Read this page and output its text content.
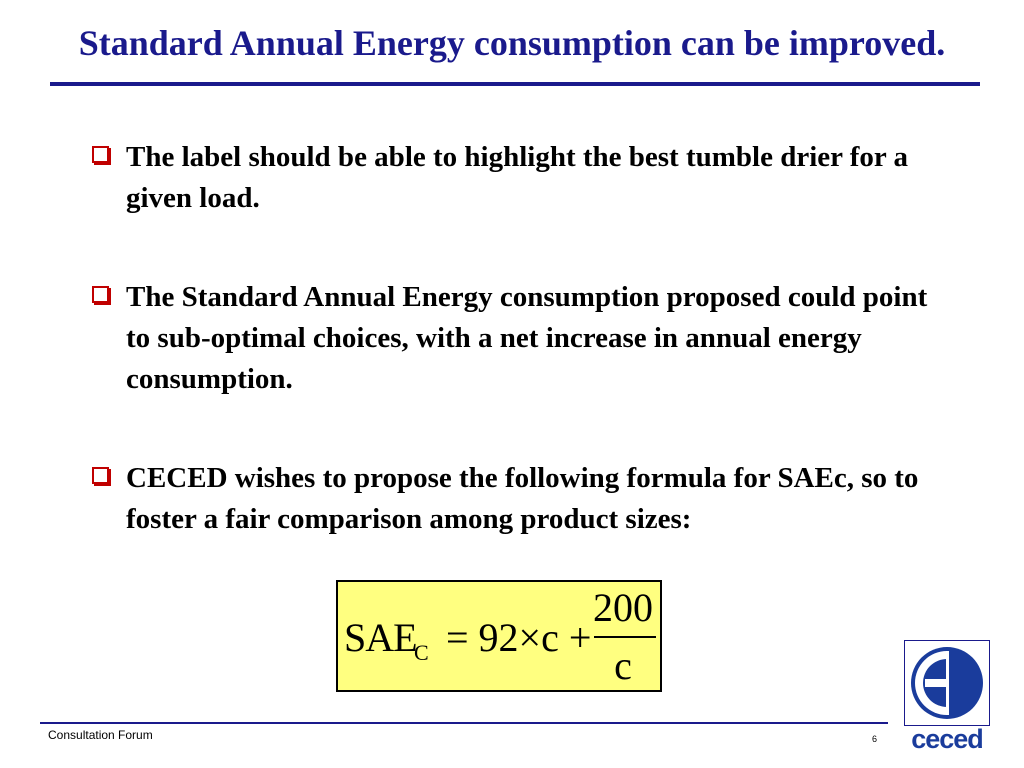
Standard Annual Energy consumption can be improved.
The label should be able to highlight the best tumble drier for a given load.
The Standard Annual Energy consumption proposed could point to sub-optimal choices, with a net increase in annual energy consumption.
CECED wishes to propose the following formula for SAEc, so to foster a fair comparison among product sizes:
SAE
C = 92×c +
200
c
Consultation Forum	6 ceced
